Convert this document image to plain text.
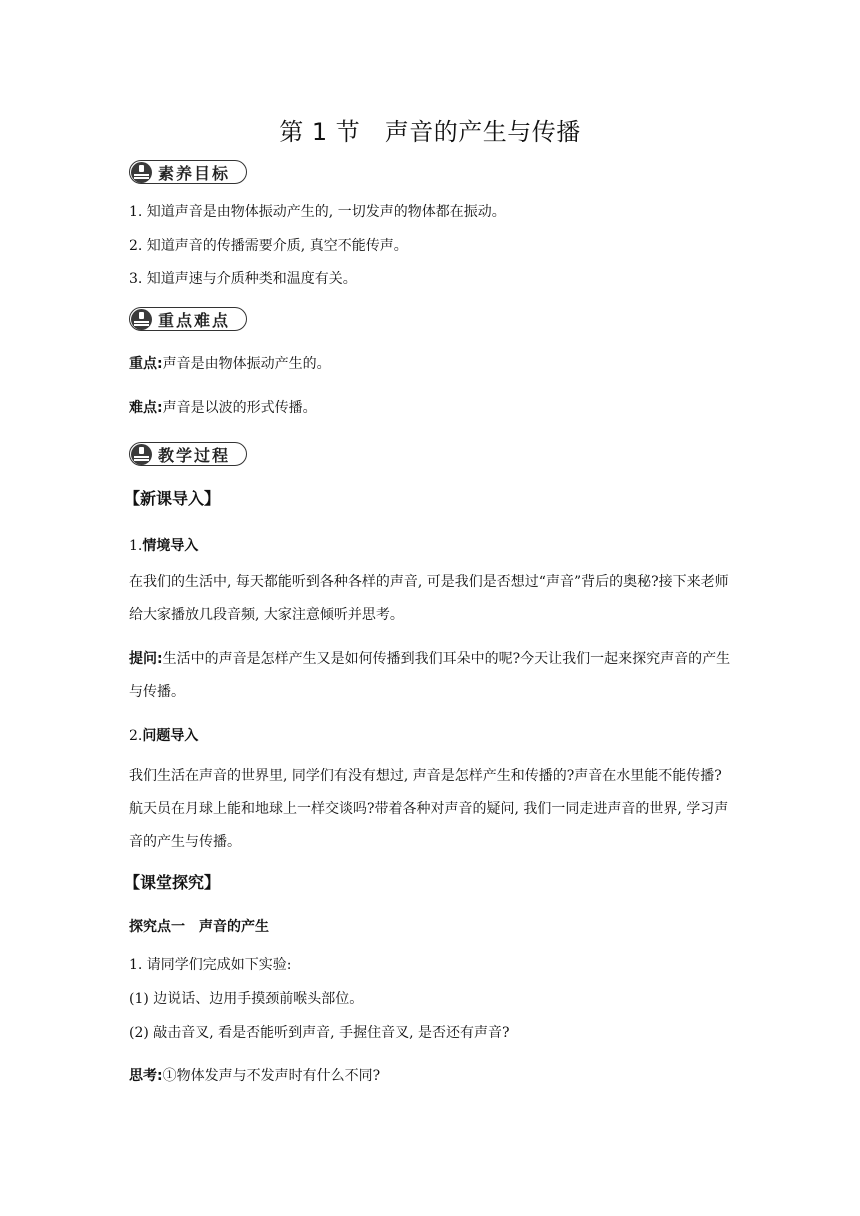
第 1 节　声音的产生与传播
素养目标
1. 知道声音是由物体振动产生的, 一切发声的物体都在振动。
2. 知道声音的传播需要介质, 真空不能传声。
3. 知道声速与介质种类和温度有关。
重点难点
重点:声音是由物体振动产生的。
难点:声音是以波的形式传播。
教学过程
【新课导入】
1.情境导入
在我们的生活中, 每天都能听到各种各样的声音, 可是我们是否想过“声音”背后的奥秘?接下来老师给大家播放几段音频, 大家注意倾听并思考。
提问:生活中的声音是怎样产生又是如何传播到我们耳朵中的呢?今天让我们一起来探究声音的产生与传播。
2.问题导入
我们生活在声音的世界里, 同学们有没有想过, 声音是怎样产生和传播的?声音在水里能不能传播?航天员在月球上能和地球上一样交谈吗?带着各种对声音的疑问, 我们一同走进声音的世界, 学习声音的产生与传播。
【课堂探究】
探究点一　声音的产生
1. 请同学们完成如下实验:
(1) 边说话、边用手摸颈前喉头部位。
(2) 敲击音叉, 看是否能听到声音, 手握住音叉, 是否还有声音?
思考:①物体发声与不发声时有什么不同?
